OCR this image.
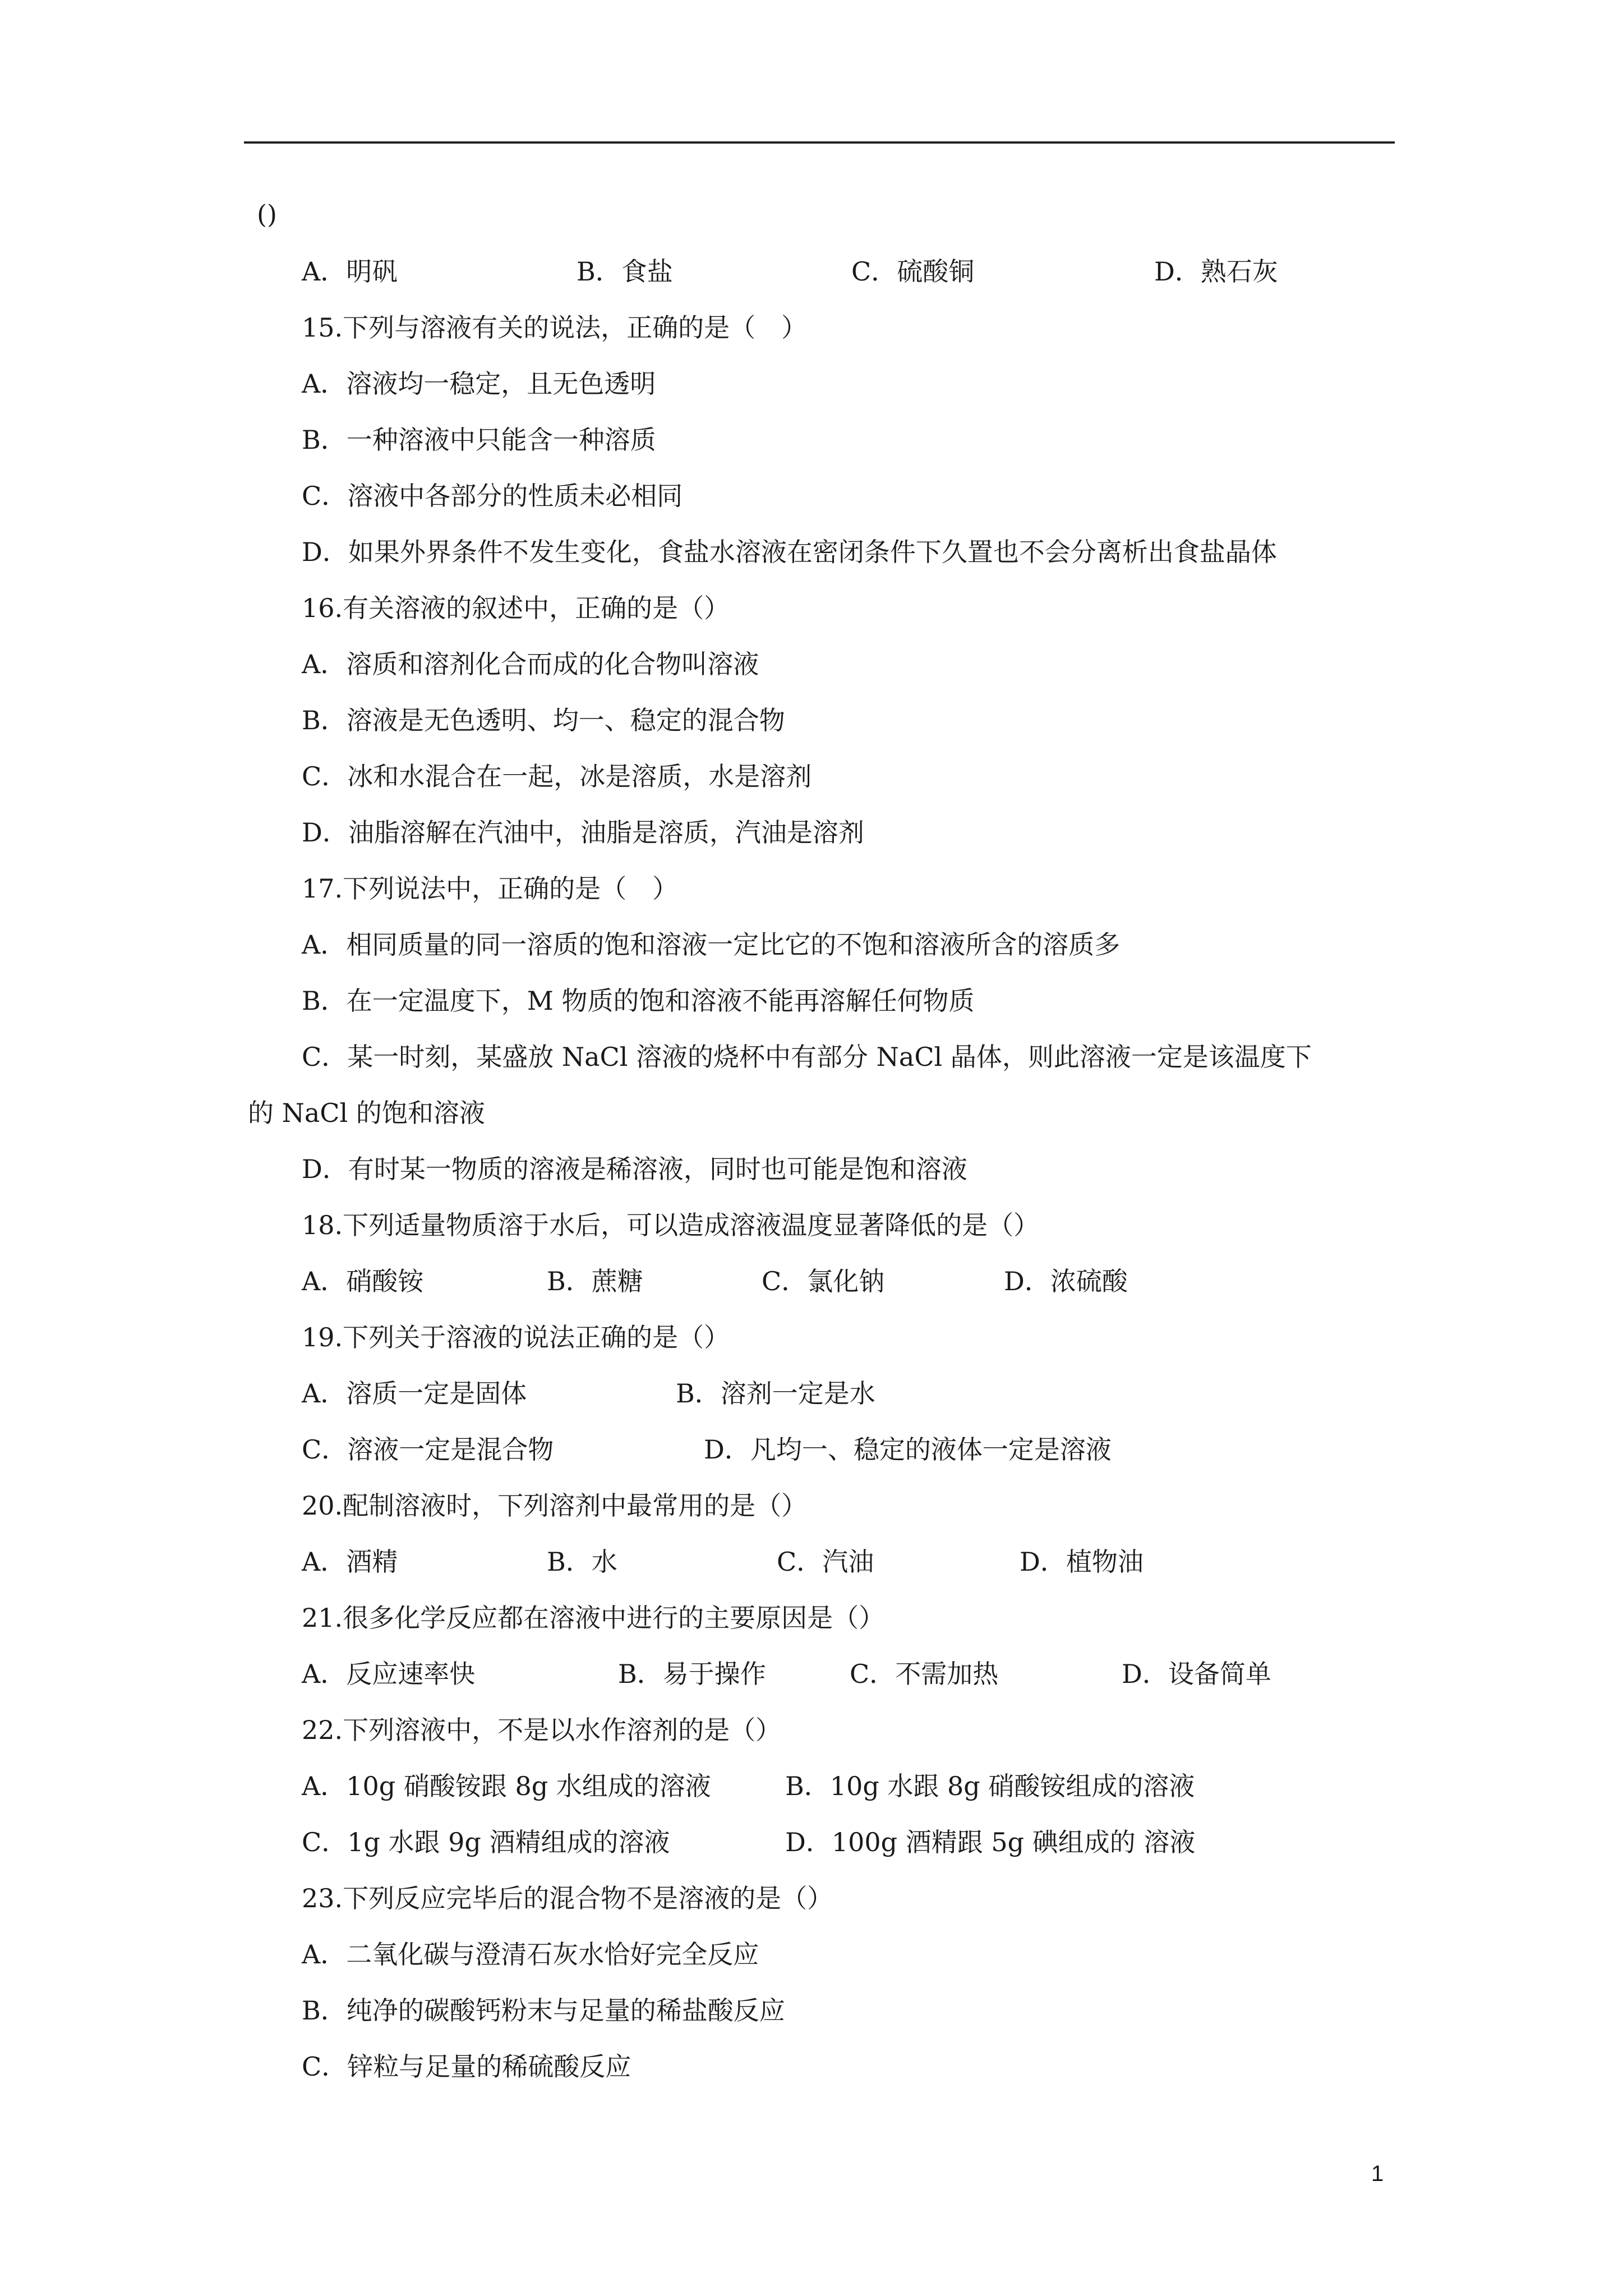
()
A．明矾	B．食盐	C．硫酸铜	D．熟石灰
15.下列与溶液有关的说法，正确的是（　）
A．溶液均一稳定，且无色透明
B．一种溶液中只能含一种溶质
C．溶液中各部分的性质未必相同
D．如果外界条件不发生变化，食盐水溶液在密闭条件下久置也不会分离析出食盐晶体
16.有关溶液的叙述中，正确的是（）
A．溶质和溶剂化合而成的化合物叫溶液
B．溶液是无色透明、均一、稳定的混合物
C．冰和水混合在一起，冰是溶质，水是溶剂
D．油脂溶解在汽油中，油脂是溶质，汽油是溶剂
17.下列说法中，正确的是（　）
A．相同质量的同一溶质的饱和溶液一定比它的不饱和溶液所含的溶质多
B．在一定温度下，M 物质的饱和溶液不能再溶解任何物质
C．某一时刻，某盛放 NaCl 溶液的烧杯中有部分 NaCl 晶体，则此溶液一定是该温度下
的 NaCl 的饱和溶液
D．有时某一物质的溶液是稀溶液，同时也可能是饱和溶液
18.下列适量物质溶于水后，可以造成溶液温度显著降低的是（）
A．硝酸铵	B．蔗糖	C．氯化钠	D．浓硫酸
19.下列关于溶液的说法正确的是（）
A．溶质一定是固体	B．溶剂一定是水
C．溶液一定是混合物	D．凡均一、稳定的液体一定是溶液
20.配制溶液时，下列溶剂中最常用的是（）
A．酒精	B．水	C．汽油	D．植物油
21.很多化学反应都在溶液中进行的主要原因是（）
A．反应速率快	B．易于操作	C．不需加热	D．设备简单
22.下列溶液中，不是以水作溶剂的是（）
A．10g 硝酸铵跟 8g 水组成的溶液	B．10g 水跟 8g 硝酸铵组成的溶液
C．1g 水跟 9g 酒精组成的溶液	D．100g 酒精跟 5g 碘组成的 溶液
23.下列反应完毕后的混合物不是溶液的是（）
A．二氧化碳与澄清石灰水恰好完全反应
B．纯净的碳酸钙粉末与足量的稀盐酸反应
C．锌粒与足量的稀硫酸反应
1
